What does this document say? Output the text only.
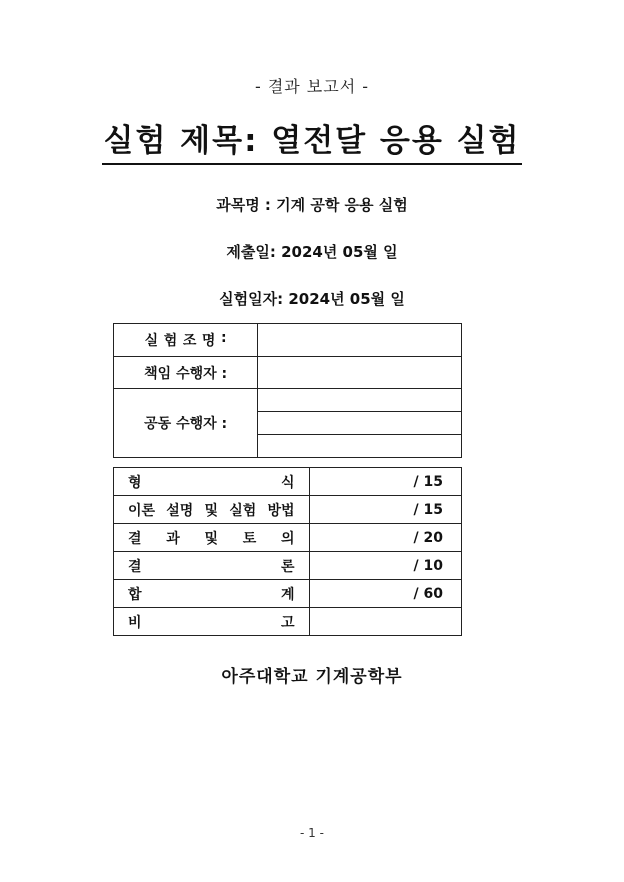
- 결과 보고서 -
실험 제목: 열전달 응용 실험
과목명 : 기계 공학 응용 실험
제출일: 2024년 05월 일
실험일자: 2024년 05월 일
실 험 조 명 :	

책임 수행자 :	
공동 수행자 :	

형 식	/ 15

이론 설명 및 실험 방법	/ 15

결 과 및 토 의	/ 20

결 론	/ 10

합 계	/ 60

비 고	

아주대학교 기계공학부
- 1 -
